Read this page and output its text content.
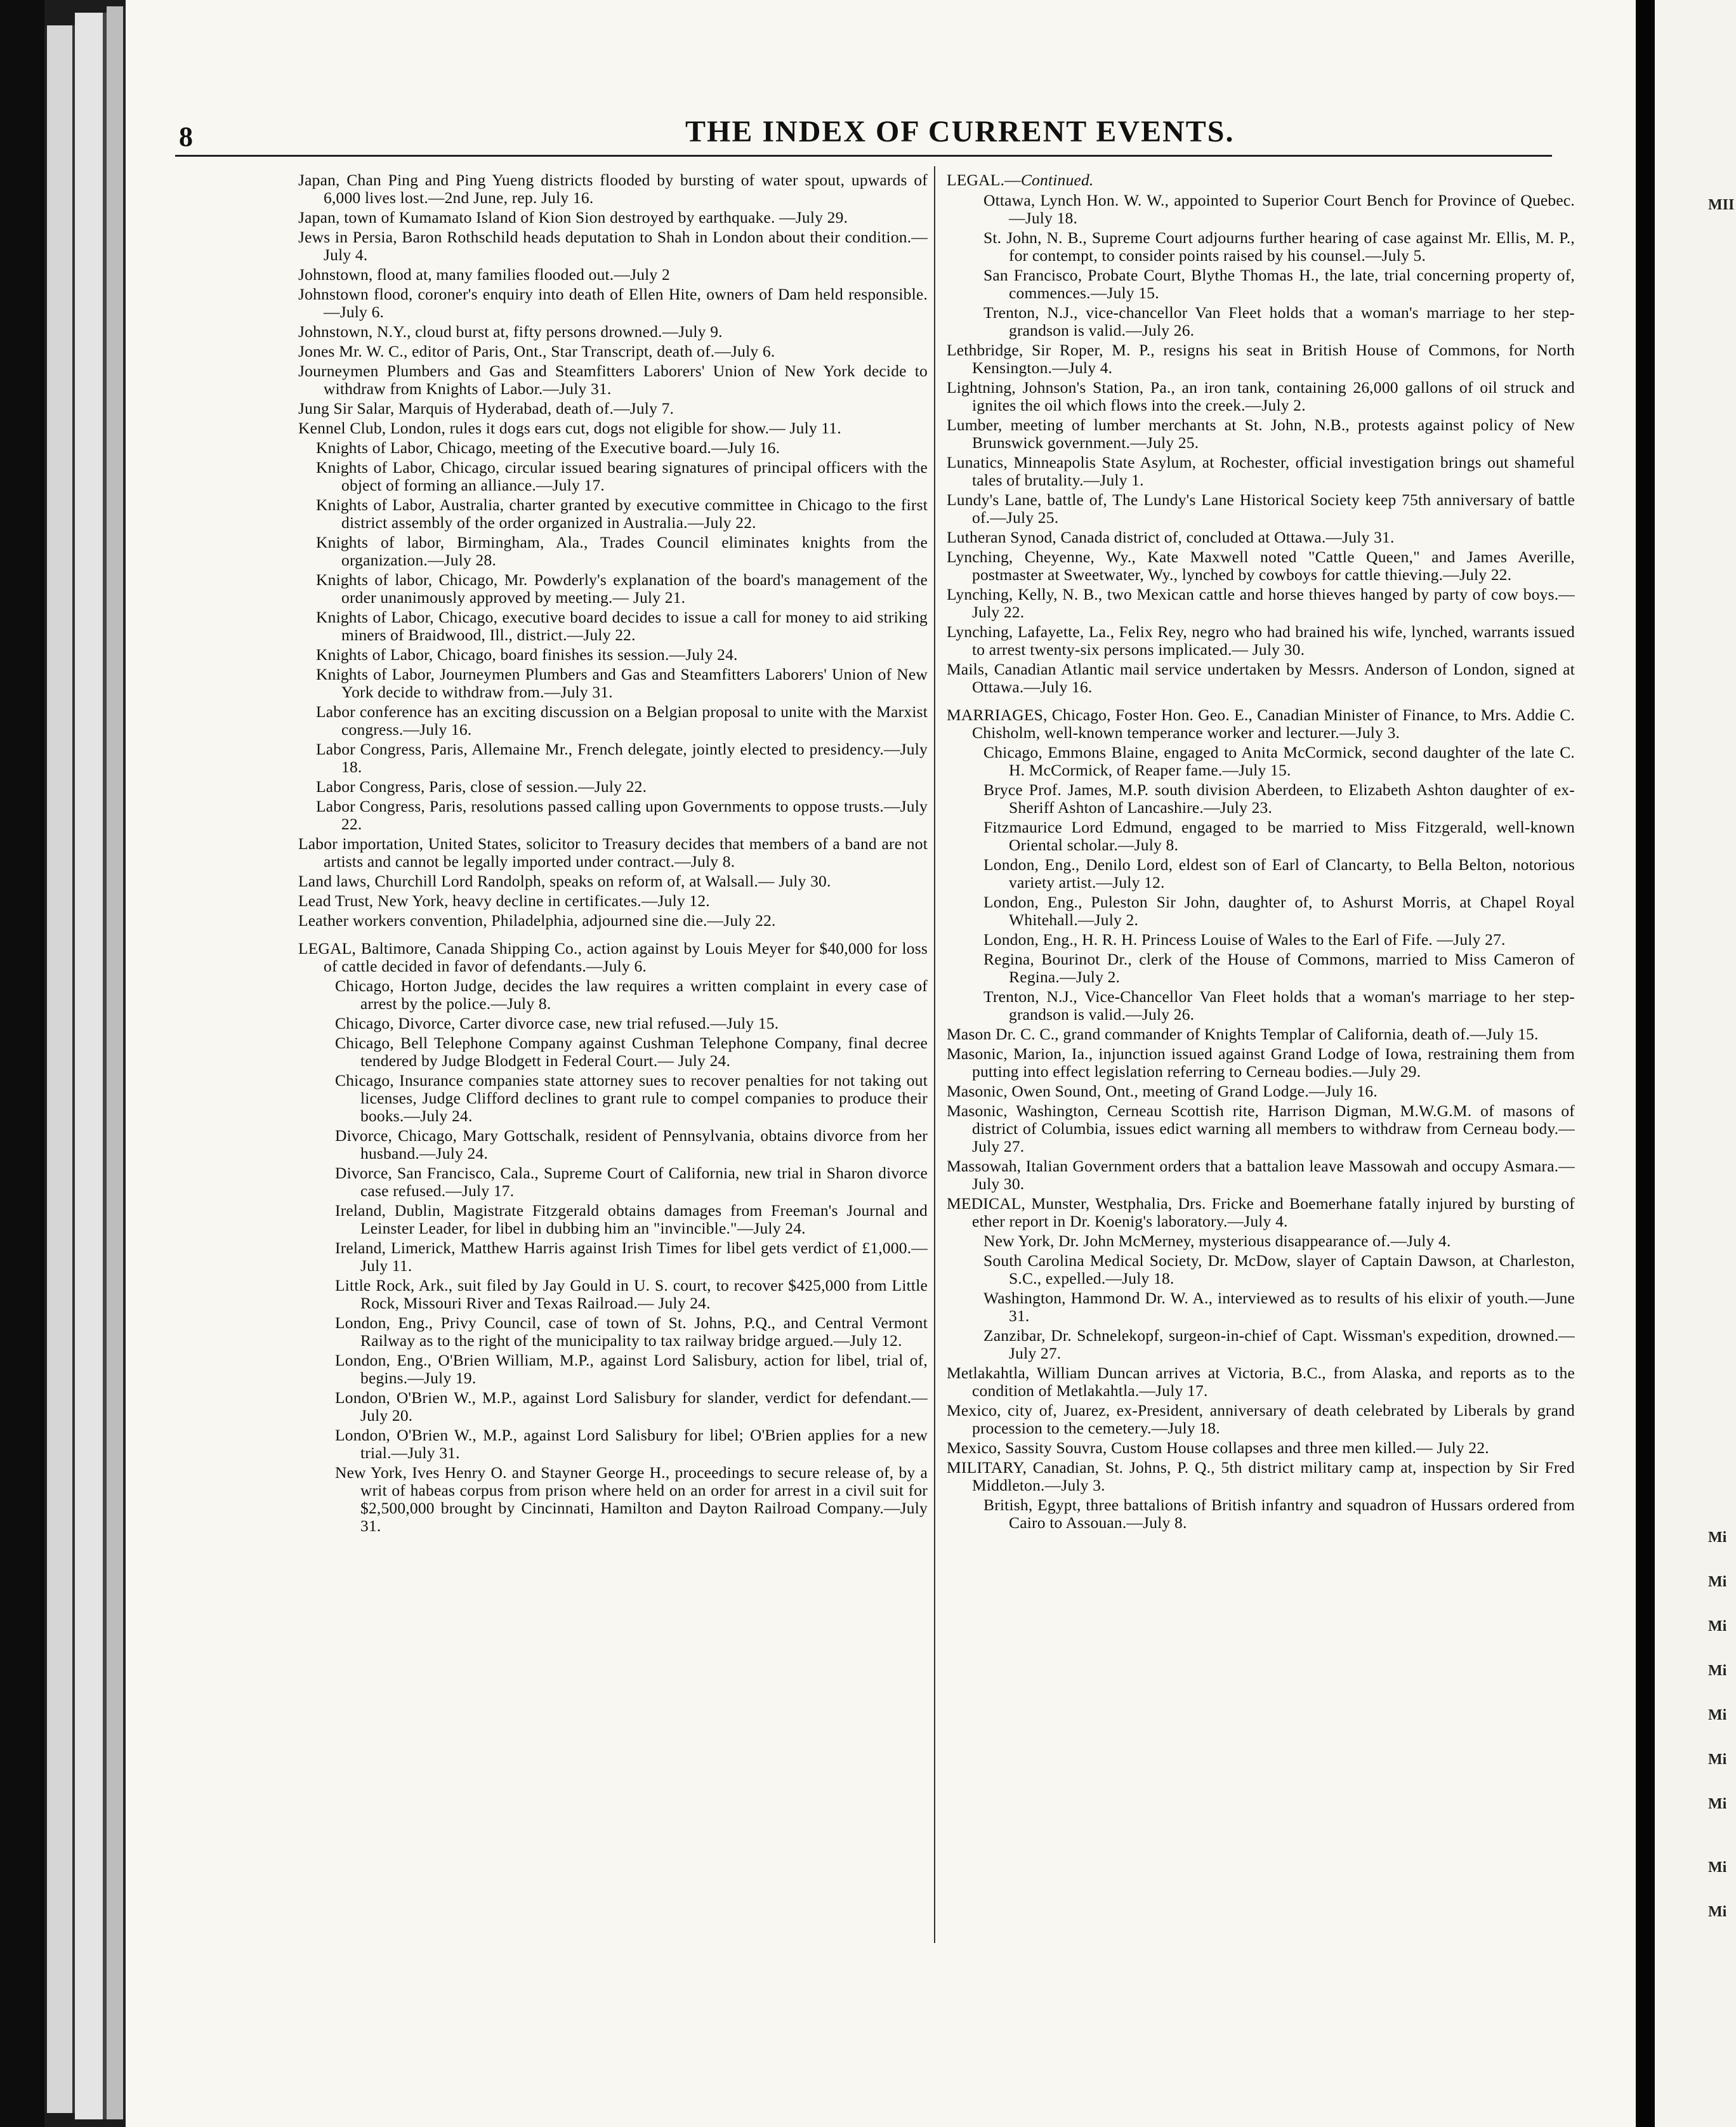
8	THE INDEX OF CURRENT EVENTS.

Japan, Chan Ping and Ping Yueng districts flooded by bursting of water spout, upwards of 6,000 lives lost.—2nd June, rep. July 16.

Japan, town of Kumamato Island of Kion Sion destroyed by earthquake. —July 29.

Jews in Persia, Baron Rothschild heads deputation to Shah in London about their condition.—July 4.

Johnstown, flood at, many families flooded out.—July 2

Johnstown flood, coroner's enquiry into death of Ellen Hite, owners of Dam held responsible.—July 6.

Johnstown, N.Y., cloud burst at, fifty persons drowned.—July 9.

Jones Mr. W. C., editor of Paris, Ont., Star Transcript, death of.—July 6.

Journeymen Plumbers and Gas and Steamfitters Laborers' Union of New York decide to withdraw from Knights of Labor.—July 31.

Jung Sir Salar, Marquis of Hyderabad, death of.—July 7.

Kennel Club, London, rules it dogs ears cut, dogs not eligible for show.— July 11.

Knights of Labor, Chicago, meeting of the Executive board.—July 16.

Knights of Labor, Chicago, circular issued bearing signatures of principal officers with the object of forming an alliance.—July 17.

Knights of Labor, Australia, charter granted by executive committee in Chicago to the first district assembly of the order organized in Australia.—July 22.

Knights of labor, Birmingham, Ala., Trades Council eliminates knights from the organization.—July 28.

Knights of labor, Chicago, Mr. Powderly's explanation of the board's management of the order unanimously approved by meeting.— July 21.

Knights of Labor, Chicago, executive board decides to issue a call for money to aid striking miners of Braidwood, Ill., district.—July 22.

Knights of Labor, Chicago, board finishes its session.—July 24.

Knights of Labor, Journeymen Plumbers and Gas and Steamfitters Laborers' Union of New York decide to withdraw from.—July 31.

Labor conference has an exciting discussion on a Belgian proposal to unite with the Marxist congress.—July 16.

Labor Congress, Paris, Allemaine Mr., French delegate, jointly elected to presidency.—July 18.

Labor Congress, Paris, close of session.—July 22.

Labor Congress, Paris, resolutions passed calling upon Governments to oppose trusts.—July 22.

Labor importation, United States, solicitor to Treasury decides that members of a band are not artists and cannot be legally imported under contract.—July 8.

Land laws, Churchill Lord Randolph, speaks on reform of, at Walsall.— July 30.

Lead Trust, New York, heavy decline in certificates.—July 12.

Leather workers convention, Philadelphia, adjourned sine die.—July 22.

LEGAL, Baltimore, Canada Shipping Co., action against by Louis Meyer for $40,000 for loss of cattle decided in favor of defendants.—July 6.

Chicago, Horton Judge, decides the law requires a written complaint in every case of arrest by the police.—July 8.

Chicago, Divorce, Carter divorce case, new trial refused.—July 15.

Chicago, Bell Telephone Company against Cushman Telephone Company, final decree tendered by Judge Blodgett in Federal Court.— July 24.

Chicago, Insurance companies state attorney sues to recover penalties for not taking out licenses, Judge Clifford declines to grant rule to compel companies to produce their books.—July 24.

Divorce, Chicago, Mary Gottschalk, resident of Pennsylvania, obtains divorce from her husband.—July 24.

Divorce, San Francisco, Cala., Supreme Court of California, new trial in Sharon divorce case refused.—July 17.

Ireland, Dublin, Magistrate Fitzgerald obtains damages from Freeman's Journal and Leinster Leader, for libel in dubbing him an "invincible."—July 24.

Ireland, Limerick, Matthew Harris against Irish Times for libel gets verdict of £1,000.—July 11.

Little Rock, Ark., suit filed by Jay Gould in U. S. court, to recover $425,000 from Little Rock, Missouri River and Texas Railroad.— July 24.

London, Eng., Privy Council, case of town of St. Johns, P.Q., and Central Vermont Railway as to the right of the municipality to tax railway bridge argued.—July 12.

London, Eng., O'Brien William, M.P., against Lord Salisbury, action for libel, trial of, begins.—July 19.

London, O'Brien W., M.P., against Lord Salisbury for slander, verdict for defendant.—July 20.

London, O'Brien W., M.P., against Lord Salisbury for libel; O'Brien applies for a new trial.—July 31.

New York, Ives Henry O. and Stayner George H., proceedings to secure release of, by a writ of habeas corpus from prison where held on an order for arrest in a civil suit for $2,500,000 brought by Cincinnati, Hamilton and Dayton Railroad Company.—July 31.

LEGAL.—Continued.

Ottawa, Lynch Hon. W. W., appointed to Superior Court Bench for Province of Quebec.—July 18.

St. John, N. B., Supreme Court adjourns further hearing of case against Mr. Ellis, M. P., for contempt, to consider points raised by his counsel.—July 5.

San Francisco, Probate Court, Blythe Thomas H., the late, trial concerning property of, commences.—July 15.

Trenton, N.J., vice-chancellor Van Fleet holds that a woman's marriage to her step-grandson is valid.—July 26.

Lethbridge, Sir Roper, M. P., resigns his seat in British House of Commons, for North Kensington.—July 4.

Lightning, Johnson's Station, Pa., an iron tank, containing 26,000 gallons of oil struck and ignites the oil which flows into the creek.—July 2.

Lumber, meeting of lumber merchants at St. John, N.B., protests against policy of New Brunswick government.—July 25.

Lunatics, Minneapolis State Asylum, at Rochester, official investigation brings out shameful tales of brutality.—July 1.

Lundy's Lane, battle of, The Lundy's Lane Historical Society keep 75th anniversary of battle of.—July 25.

Lutheran Synod, Canada district of, concluded at Ottawa.—July 31.

Lynching, Cheyenne, Wy., Kate Maxwell noted "Cattle Queen," and James Averille, postmaster at Sweetwater, Wy., lynched by cowboys for cattle thieving.—July 22.

Lynching, Kelly, N. B., two Mexican cattle and horse thieves hanged by party of cow boys.—July 22.

Lynching, Lafayette, La., Felix Rey, negro who had brained his wife, lynched, warrants issued to arrest twenty-six persons implicated.— July 30.

Mails, Canadian Atlantic mail service undertaken by Messrs. Anderson of London, signed at Ottawa.—July 16.

MARRIAGES, Chicago, Foster Hon. Geo. E., Canadian Minister of Finance, to Mrs. Addie C. Chisholm, well-known temperance worker and lecturer.—July 3.

Chicago, Emmons Blaine, engaged to Anita McCormick, second daughter of the late C. H. McCormick, of Reaper fame.—July 15.

Bryce Prof. James, M.P. south division Aberdeen, to Elizabeth Ashton daughter of ex-Sheriff Ashton of Lancashire.—July 23.

Fitzmaurice Lord Edmund, engaged to be married to Miss Fitzgerald, well-known Oriental scholar.—July 8.

London, Eng., Denilo Lord, eldest son of Earl of Clancarty, to Bella Belton, notorious variety artist.—July 12.

London, Eng., Puleston Sir John, daughter of, to Ashurst Morris, at Chapel Royal Whitehall.—July 2.

London, Eng., H. R. H. Princess Louise of Wales to the Earl of Fife. —July 27.

Regina, Bourinot Dr., clerk of the House of Commons, married to Miss Cameron of Regina.—July 2.

Trenton, N.J., Vice-Chancellor Van Fleet holds that a woman's marriage to her step-grandson is valid.—July 26.

Mason Dr. C. C., grand commander of Knights Templar of California, death of.—July 15.

Masonic, Marion, Ia., injunction issued against Grand Lodge of Iowa, restraining them from putting into effect legislation referring to Cerneau bodies.—July 29.

Masonic, Owen Sound, Ont., meeting of Grand Lodge.—July 16.

Masonic, Washington, Cerneau Scottish rite, Harrison Digman, M.W.G.M. of masons of district of Columbia, issues edict warning all members to withdraw from Cerneau body.—July 27.

Massowah, Italian Government orders that a battalion leave Massowah and occupy Asmara.—July 30.

MEDICAL, Munster, Westphalia, Drs. Fricke and Boemerhane fatally injured by bursting of ether report in Dr. Koenig's laboratory.—July 4.

New York, Dr. John McMerney, mysterious disappearance of.—July 4.

South Carolina Medical Society, Dr. McDow, slayer of Captain Dawson, at Charleston, S.C., expelled.—July 18.

Washington, Hammond Dr. W. A., interviewed as to results of his elixir of youth.—June 31.

Zanzibar, Dr. Schnelekopf, surgeon-in-chief of Capt. Wissman's expedition, drowned.—July 27.

Metlakahtla, William Duncan arrives at Victoria, B.C., from Alaska, and reports as to the condition of Metlakahtla.—July 17.

Mexico, city of, Juarez, ex-President, anniversary of death celebrated by Liberals by grand procession to the cemetery.—July 18.

Mexico, Sassity Souvra, Custom House collapses and three men killed.— July 22.

MILITARY, Canadian, St. Johns, P. Q., 5th district military camp at, inspection by Sir Fred Middleton.—July 3.

British, Egypt, three battalions of British infantry and squadron of Hussars ordered from Cairo to Assouan.—July 8.

MII
Mi
Mi
Mi
Mi
Mi
Mi
Mi
Mi
Mi
